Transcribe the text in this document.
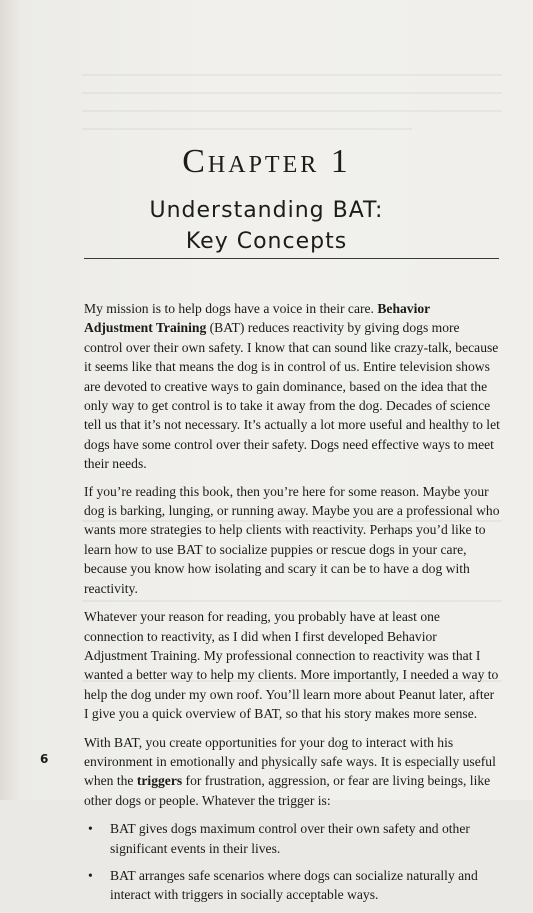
Chapter 1
Understanding BAT:
Key Concepts

My mission is to help dogs have a voice in their care. Behavior Adjustment Training (BAT) reduces reactivity by giving dogs more control over their own safety. I know that can sound like crazy-talk, because it seems like that means the dog is in control of us. Entire television shows are devoted to creative ways to gain dominance, based on the idea that the only way to get control is to take it away from the dog. Decades of science tell us that it’s not necessary. It’s actually a lot more useful and healthy to let dogs have some control over their safety. Dogs need effective ways to meet their needs.

If you’re reading this book, then you’re here for some reason. Maybe your dog is barking, lunging, or running away. Maybe you are a professional who wants more strategies to help clients with reactivity. Perhaps you’d like to learn how to use BAT to socialize puppies or rescue dogs in your care, because you know how isolating and scary it can be to have a dog with reactivity.

Whatever your reason for reading, you probably have at least one connection to reactivity, as I did when I first developed Behavior Adjustment Training. My professional connection to reactivity was that I wanted a better way to help my clients. More importantly, I needed a way to help the dog under my own roof. You’ll learn more about Peanut later, after I give you a quick overview of BAT, so that his story makes more sense.

With BAT, you create opportunities for your dog to interact with his environment in emotionally and physically safe ways. It is especially useful when the triggers for frustration, aggression, or fear are living beings, like other dogs or people. Whatever the trigger is:

• BAT gives dogs maximum control over their own safety and other significant events in their lives.
• BAT arranges safe scenarios where dogs can socialize naturally and interact with triggers in socially acceptable ways.
6
